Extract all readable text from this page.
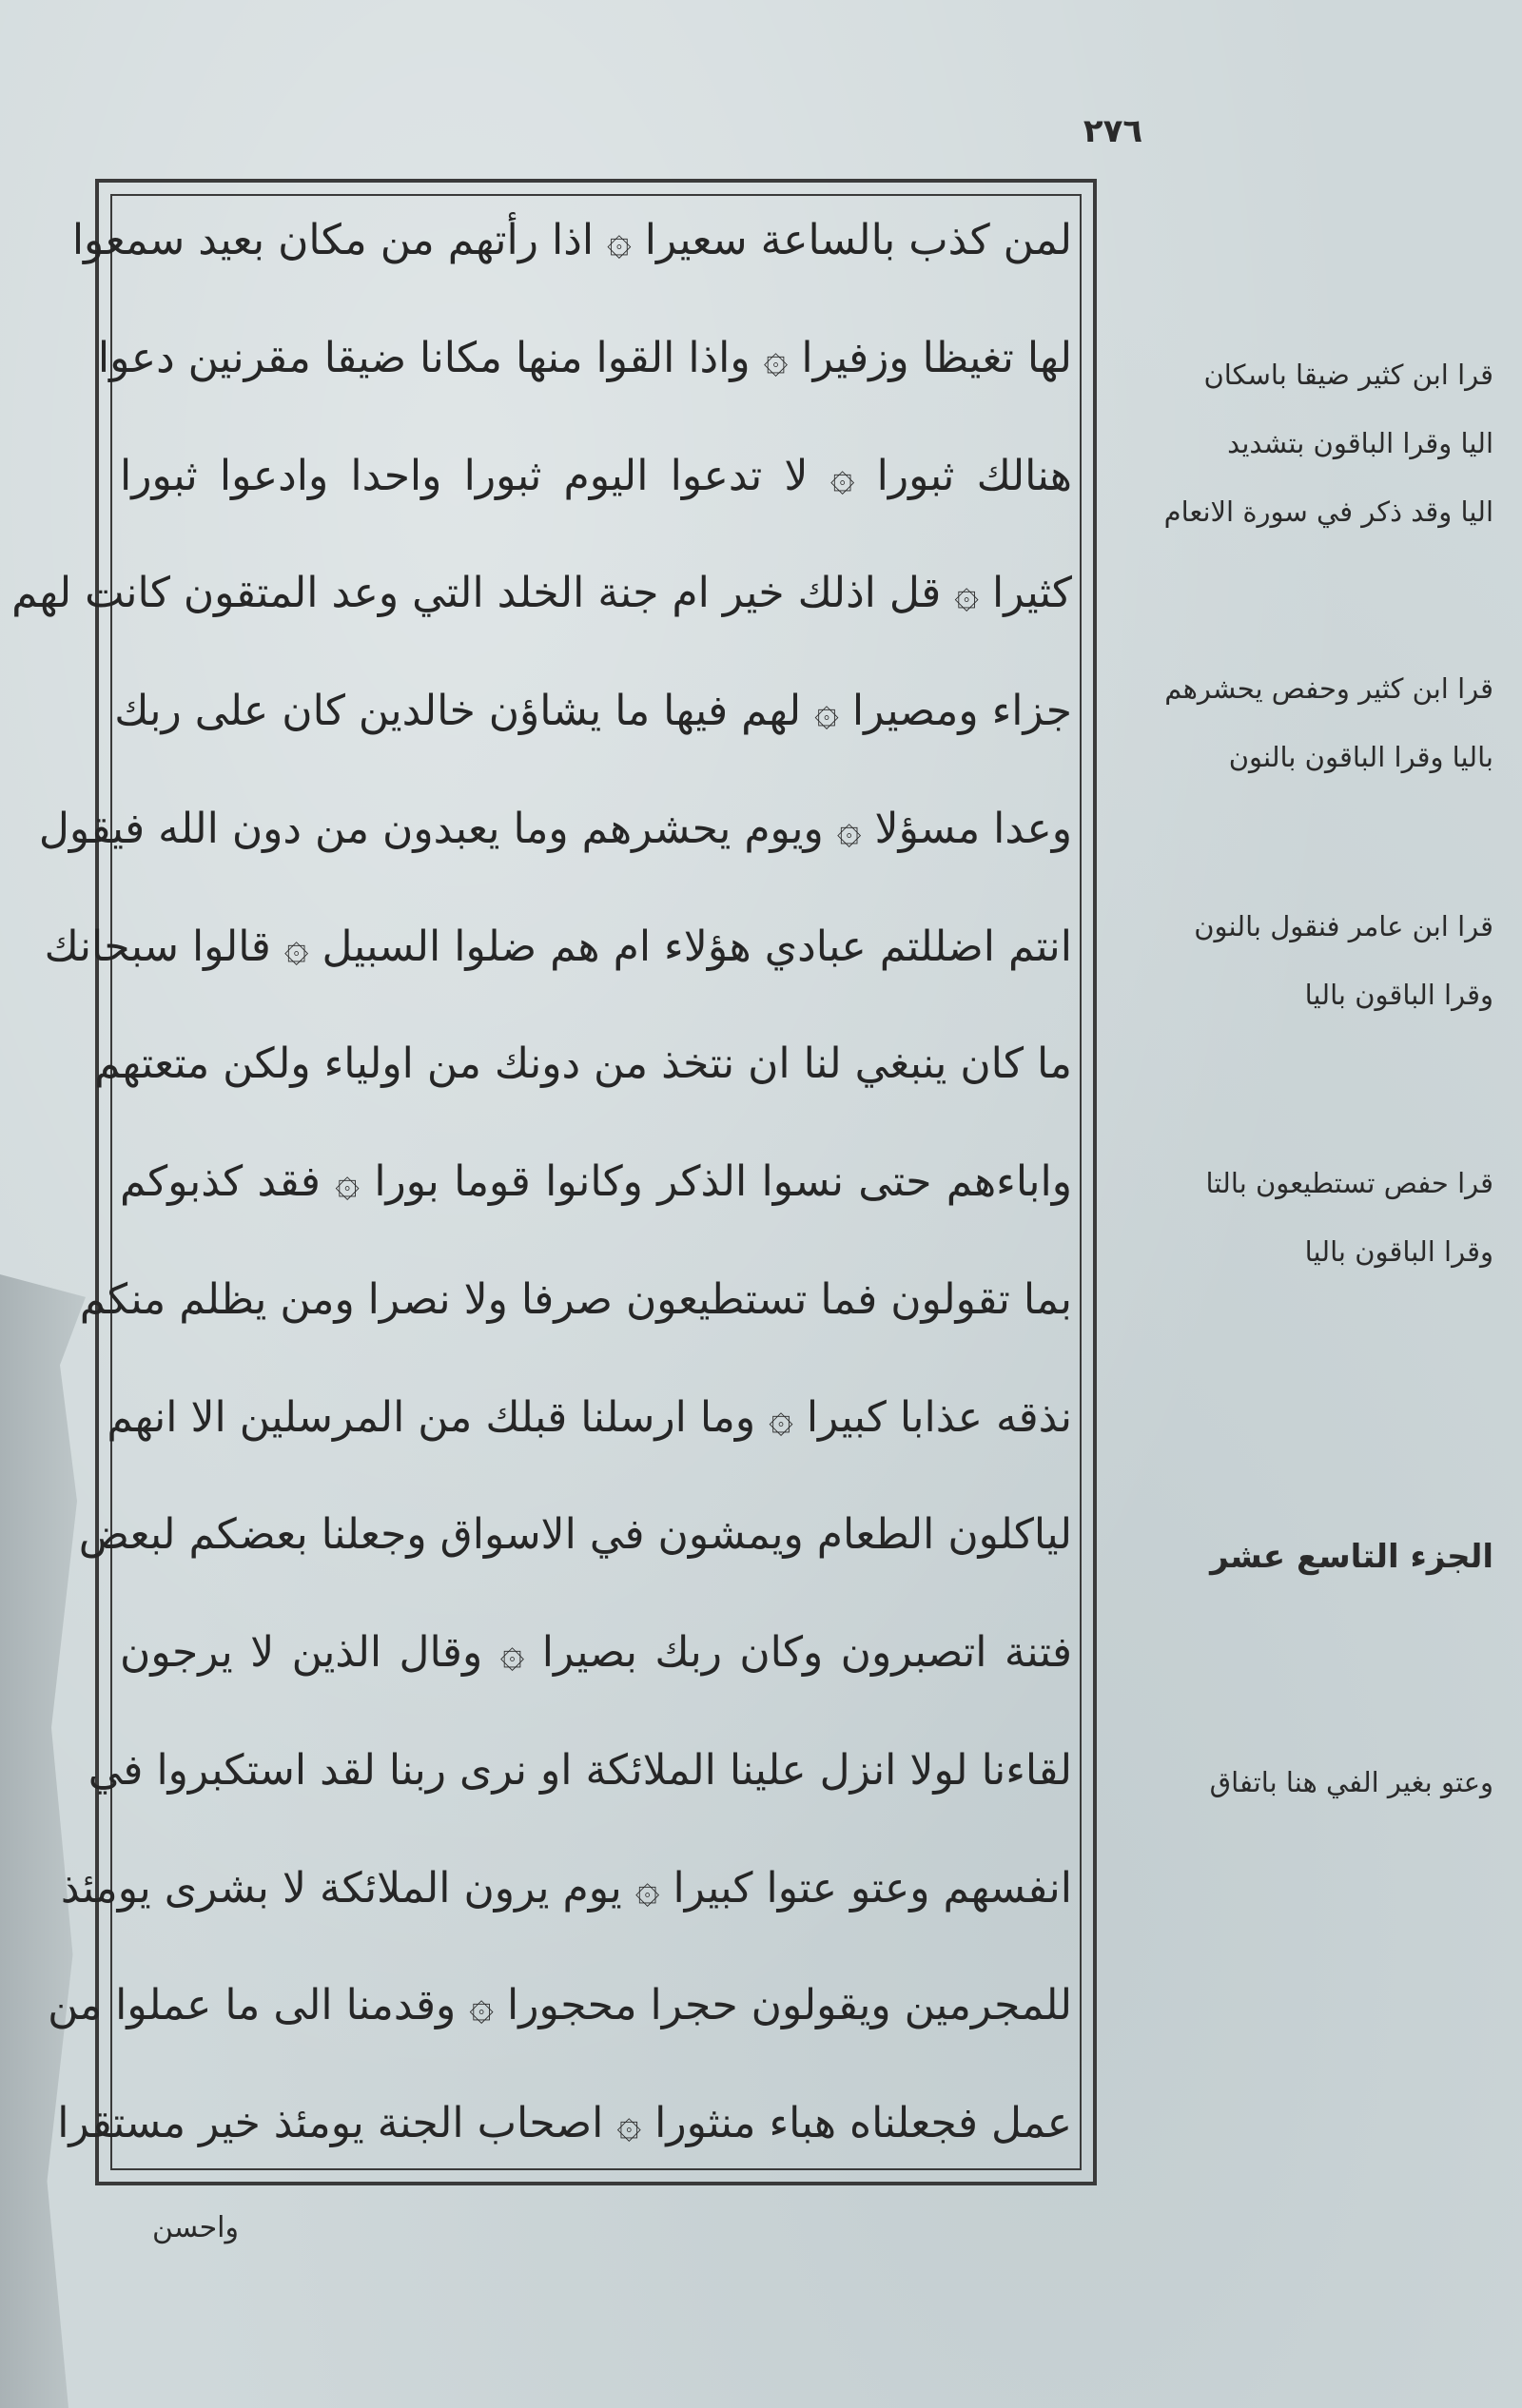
٢٧٦
لمن كذب بالساعة سعيرا ۞ اذا رأتهم من مكان بعيد سمعوا
لها تغيظا وزفيرا ۞ واذا القوا منها مكانا ضيقا مقرنين دعوا
هنالك ثبورا ۞ لا تدعوا اليوم ثبورا واحدا وادعوا ثبورا
كثيرا ۞ قل اذلك خير ام جنة الخلد التي وعد المتقون كانت لهم
جزاء ومصيرا ۞ لهم فيها ما يشاؤن خالدين كان على ربك
وعدا مسؤلا ۞ ويوم يحشرهم وما يعبدون من دون الله فيقول
انتم اضللتم عبادي هؤلاء ام هم ضلوا السبيل ۞ قالوا سبحانك
ما كان ينبغي لنا ان نتخذ من دونك من اولياء ولكن متعتهم
واباءهم حتى نسوا الذكر وكانوا قوما بورا ۞ فقد كذبوكم
بما تقولون فما تستطيعون صرفا ولا نصرا ومن يظلم منكم
نذقه عذابا كبيرا ۞ وما ارسلنا قبلك من المرسلين الا انهم
لياكلون الطعام ويمشون في الاسواق وجعلنا بعضكم لبعض
فتنة اتصبرون وكان ربك بصيرا ۞ وقال الذين لا يرجون
لقاءنا لولا انزل علينا الملائكة او نرى ربنا لقد استكبروا في
انفسهم وعتو عتوا كبيرا ۞ يوم يرون الملائكة لا بشرى يومئذ
للمجرمين ويقولون حجرا محجورا ۞ وقدمنا الى ما عملوا من
عمل فجعلناه هباء منثورا ۞ اصحاب الجنة يومئذ خير مستقرا
قرا ابن كثير ضيقا باسكان
اليا وقرا الباقون بتشديد
اليا وقد ذكر في سورة الانعام
قرا ابن كثير وحفص يحشرهم
باليا وقرا الباقون بالنون
قرا ابن عامر فنقول بالنون
وقرا الباقون باليا
قرا حفص تستطيعون بالتا
وقرا الباقون باليا
الجزء التاسع عشر
وعتو بغير الفي هنا باتفاق
واحسن
